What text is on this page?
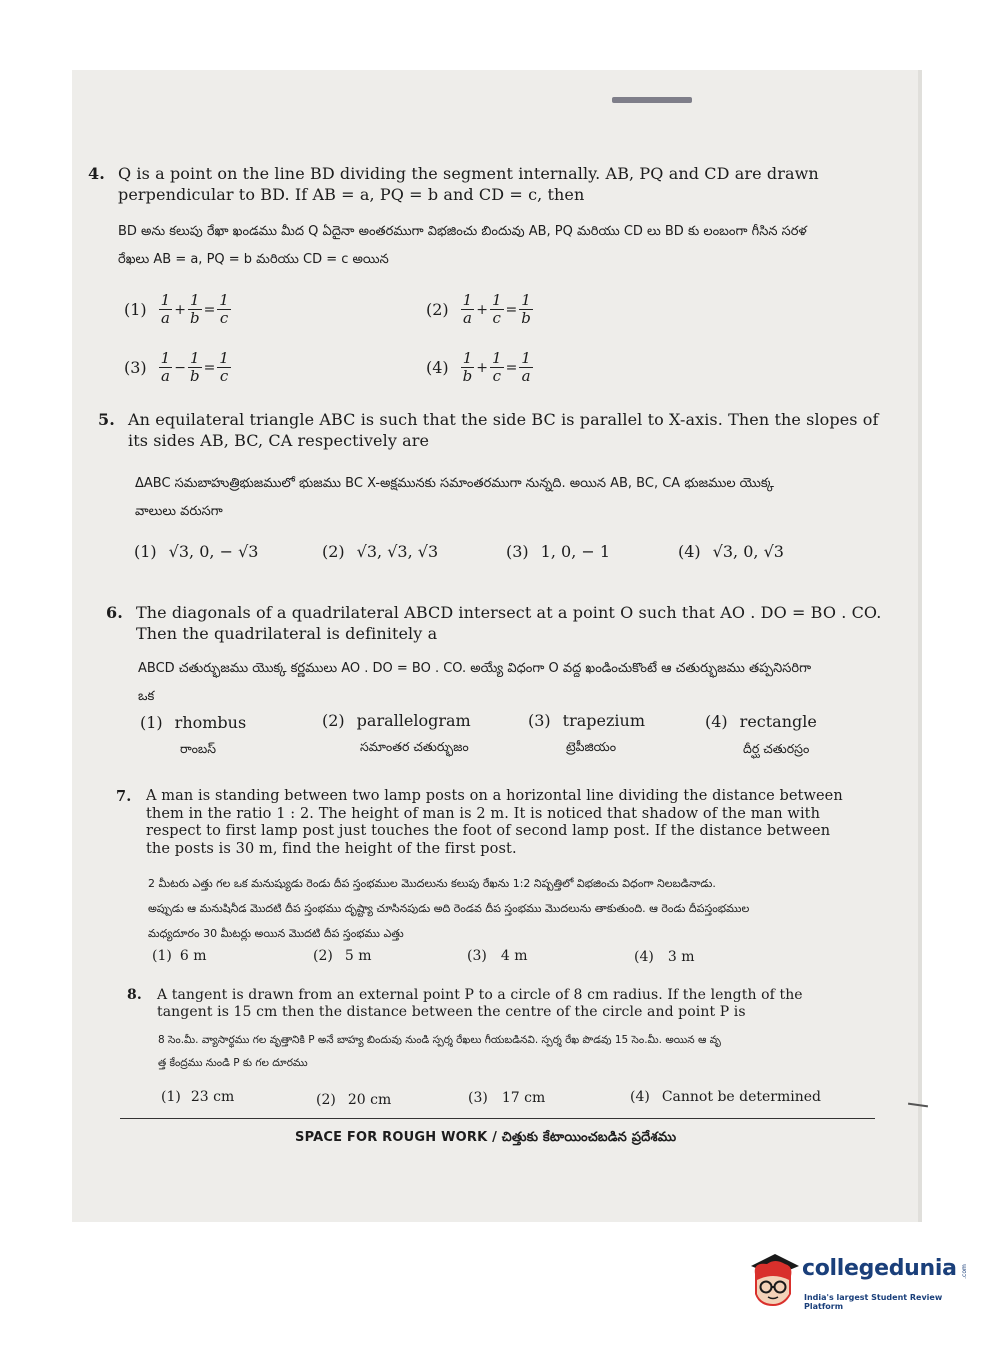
4. Q is a point on the line BD dividing the segment internally. AB, PQ and CD are drawn
perpendicular to BD. If AB = a, PQ = b and CD = c, then
BD అను కలుపు రేఖా ఖండము మీద Q ఏదైనా అంతరముగా విభజించు బిందువు AB, PQ మరియు CD లు BD కు లంబంగా గీసిన సరళ
రేఖలు AB = a, PQ = b మరియు CD = c అయిన
$(1) \frac{1}{a} + \frac{1}{b} = \frac{1}{c}$	$(2) \frac{1}{a} + \frac{1}{c} = \frac{1}{b}$
$(3) \frac{1}{a} - \frac{1}{b} = \frac{1}{c}$	$(4) \frac{1}{b} + \frac{1}{c} = \frac{1}{a}$
5. An equilateral triangle ABC is such that the side BC is parallel to X-axis. Then the slopes of
its sides AB, BC, CA respectively are
ΔABC సమబాహుత్రిభుజములో భుజము BC X-అక్షమునకు సమాంతరముగా నున్నది. అయిన AB, BC, CA భుజముల యొక్క
వాలులు వరుసగా
(1) √3, 0, − √3	(2) √3, √3, √3	(3) 1, 0, − 1	(4) √3, 0, √3
6. The diagonals of a quadrilateral ABCD intersect at a point O such that AO . DO = BO . CO.
Then the quadrilateral is definitely a
ABCD చతుర్భుజము యొక్క కర్ణములు AO . DO = BO . CO. అయ్యే విధంగా O వద్ద ఖండించుకొంటే ఆ చతుర్భుజము తప్పనిసరిగా
ఒక
(1) rhombus
రాంబస్
(2) parallelogram
సమాంతర చతుర్భుజం
(3) trapezium
ట్రెపీజియం
(4) rectangle
దీర్ఘ చతురస్రం
7.	A man is standing between two lamp posts on a horizontal line dividing the distance between
them in the ratio 1 : 2. The height of man is 2 m. It is noticed that shadow of the man with
respect to first lamp post just touches the foot of second lamp post. If the distance between
the posts is 30 m, find the height of the first post.
2 మీటరు ఎత్తు గల ఒక మనుష్యుడు రెండు దీప స్తంభముల మొదలును కలుపు రేఖను 1:2 నిష్పత్తిలో విభజించు విధంగా నిలబడినాడు.
అప్పుడు ఆ మనుషినీడ మొదటి దీప స్తంభము దృష్ట్యా చూసినపుడు అది రెండవ దీప స్తంభము మొదలును తాకుతుంది. ఆ రెండు దీపస్తంభముల
మధ్యదూరం 30 మీటర్లు అయిన మొదటి దీప స్తంభము ఎత్తు
(1) 6 m	(2) 5 m	(3) 4 m	(4) 3 m
8.	A tangent is drawn from an external point P to a circle of 8 cm radius. If the length of the
tangent is 15 cm then the distance between the centre of the circle and point P is
8 సెం.మీ. వ్యాసార్థము గల వృత్తానికి P అనే బాహ్య బిందువు నుండి స్పర్శ రేఖలు గీయబడినవి. స్పర్శ రేఖ పొడవు 15 సెం.మీ. అయిన ఆ వృ
త్త కేంద్రము నుండి P కు గల దూరము
(1) 23 cm	(2) 20 cm	(3) 17 cm	(4) Cannot be determined
SPACE FOR ROUGH WORK / చిత్తుకు కేటాయించబడిన ప్రదేశము
collegedunia .com
India's largest Student Review Platform
